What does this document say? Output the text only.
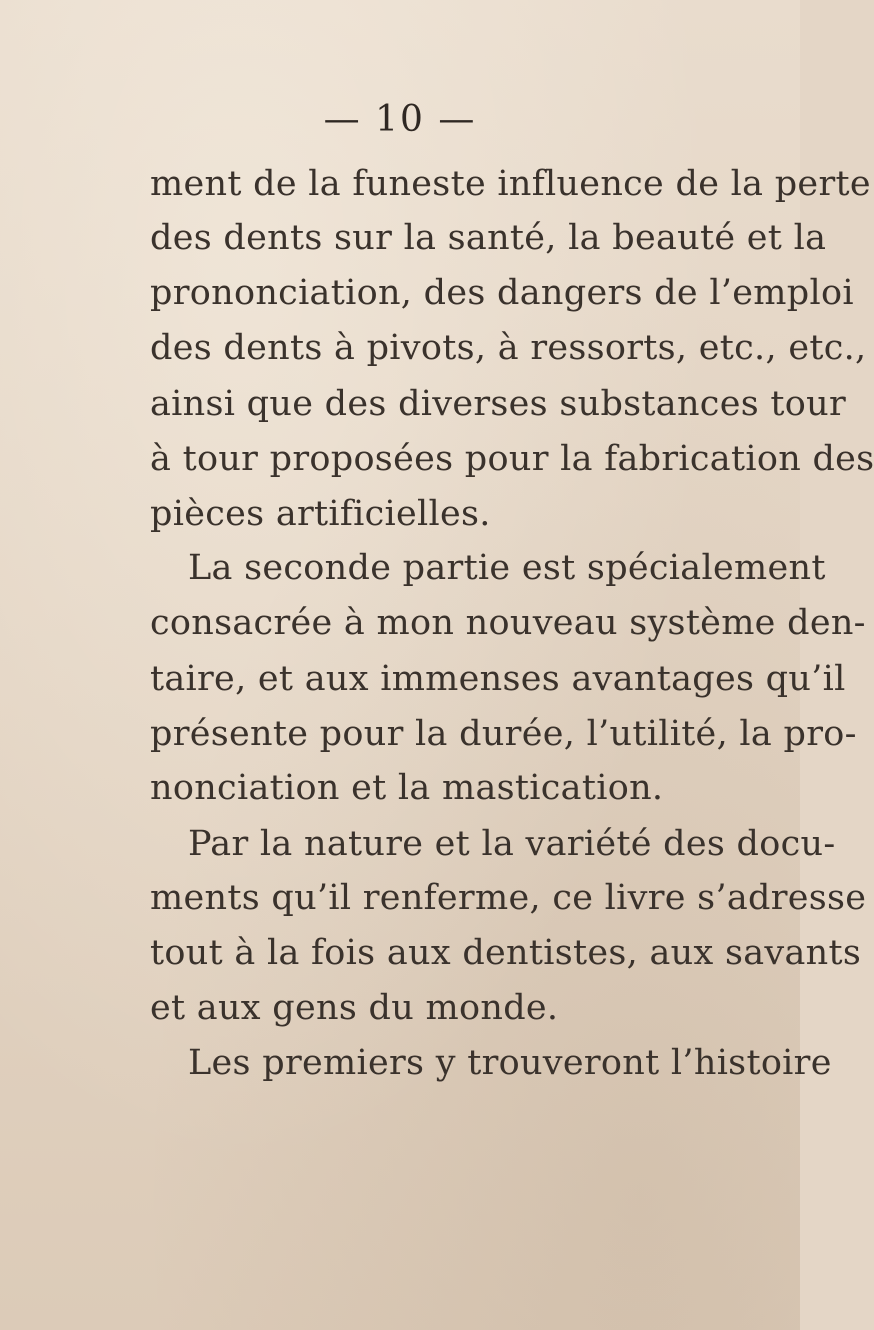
— 10 —
ment de la funeste influence de la perte
des dents sur la santé, la beauté et la
prononciation, des dangers de l’emploi
des dents à pivots, à ressorts, etc., etc.,
ainsi que des diverses substances tour
à tour proposées pour la fabrication des
pièces artificielles.
La seconde partie est spécialement
consacrée à mon nouveau système den-
taire, et aux immenses avantages qu’il
présente pour la durée, l’utilité, la pro-
nonciation et la mastication.
Par la nature et la variété des docu-
ments qu’il renferme, ce livre s’adresse
tout à la fois aux dentistes, aux savants
et aux gens du monde.
Les premiers y trouveront l’histoire
